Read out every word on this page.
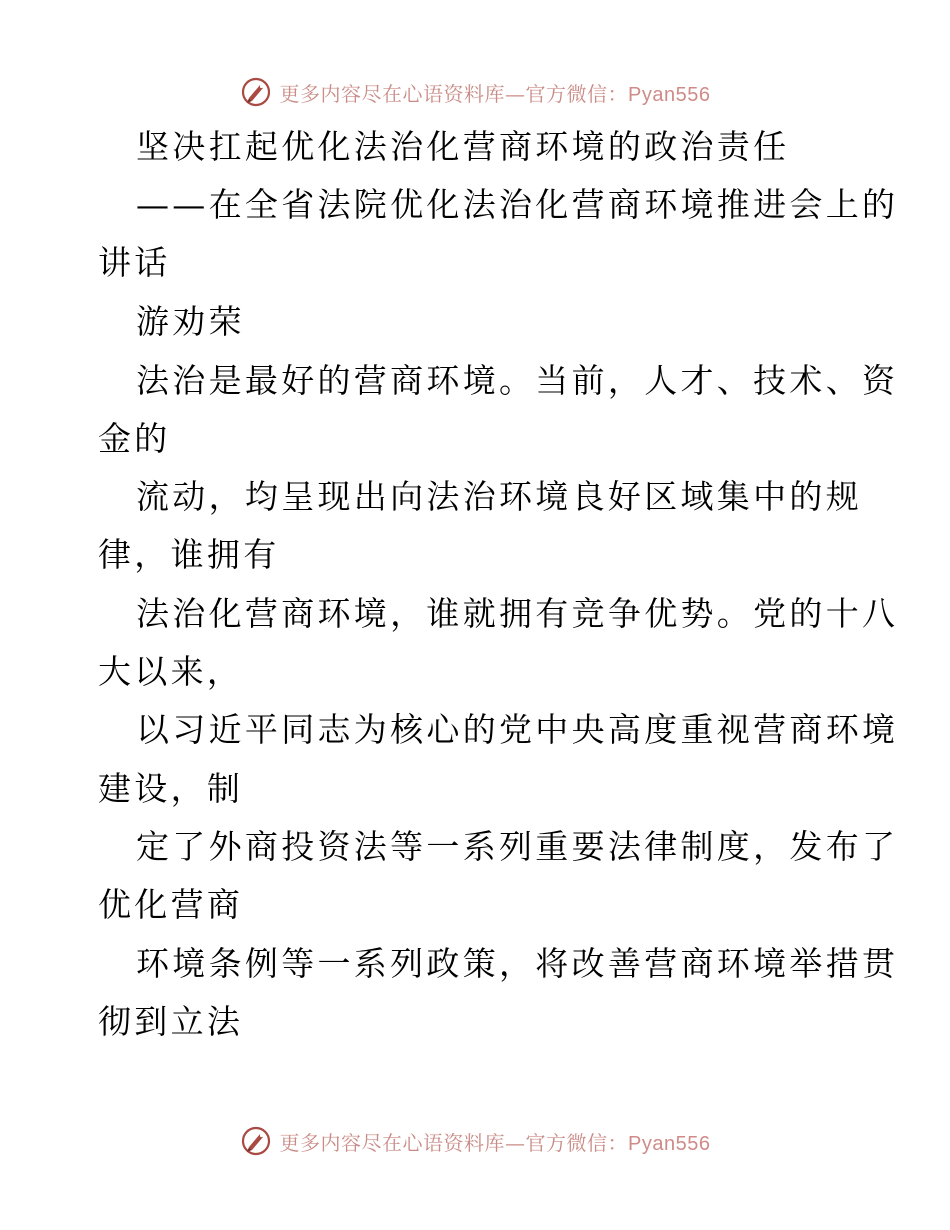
更多内容尽在心语资料库—官方微信：Pyan556
坚决扛起优化法治化营商环境的政治责任
——在全省法院优化法治化营商环境推进会上的
讲话
游劝荣
法治是最好的营商环境。当前，人才、技术、资
金的
流动，均呈现出向法治环境良好区域集中的规
律，谁拥有
法治化营商环境，谁就拥有竞争优势。党的十八
大以来，
以习近平同志为核心的党中央高度重视营商环境
建设，制
定了外商投资法等一系列重要法律制度，发布了
优化营商
环境条例等一系列政策，将改善营商环境举措贯
彻到立法
更多内容尽在心语资料库—官方微信：Pyan556
